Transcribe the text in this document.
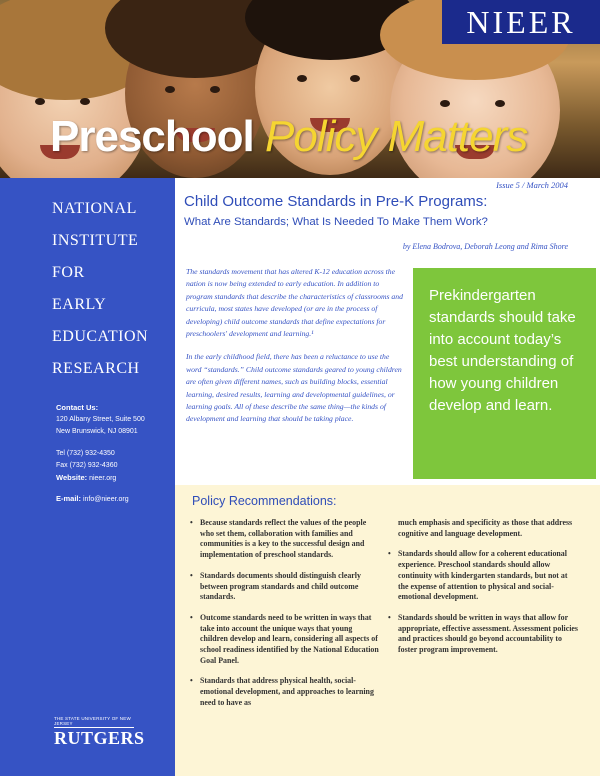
NIEER
Preschool Policy Matters
NATIONAL
INSTITUTE
FOR
EARLY
EDUCATION
RESEARCH
Contact Us:
120 Albany Street, Suite 500
New Brunswick, NJ 08901
Tel (732) 932-4350
Fax (732) 932-4360
Website: nieer.org
E-mail: info@nieer.org
THE STATE UNIVERSITY OF NEW JERSEY
RUTGERS
Issue 5 / March 2004
Child Outcome Standards in Pre-K Programs:
What Are Standards; What Is Needed To Make Them Work?
by Elena Bodrova, Deborah Leong and Rima Shore

The standards movement that has altered K-12 education across the nation is now being extended to early education. In addition to program standards that describe the characteristics of classrooms and curricula, most states have developed (or are in the process of developing) child outcome standards that define expectations for preschoolers' development and learning.¹

In the early childhood field, there has been a reluctance to use the word “standards.” Child outcome standards geared to young children are often given different names, such as building blocks, essential learning, desired results, learning and developmental guidelines, or learning goals. All of these describe the same thing—the kinds of development and learning that should be taking place.

Prekindergarten standards should take into account today’s best understanding of how young children develop and learn.
Policy Recommendations:
• Because standards reflect the values of the people who set them, collaboration with families and communities is a key to the successful design and implementation of preschool standards.
• Standards documents should distinguish clearly between program standards and child outcome standards.
• Outcome standards need to be written in ways that take into account the unique ways that young children develop and learn, considering all aspects of school readiness identified by the National Education Goal Panel.
• Standards that address physical health, social-emotional development, and approaches to learning need to have as
much emphasis and specificity as those that address cognitive and language development.
• Standards should allow for a coherent educational experience. Preschool standards should allow continuity with kindergarten standards, but not at the expense of attention to physical and social-emotional development.
• Standards should be written in ways that allow for appropriate, effective assessment. Assessment policies and practices should go beyond accountability to foster program improvement.
